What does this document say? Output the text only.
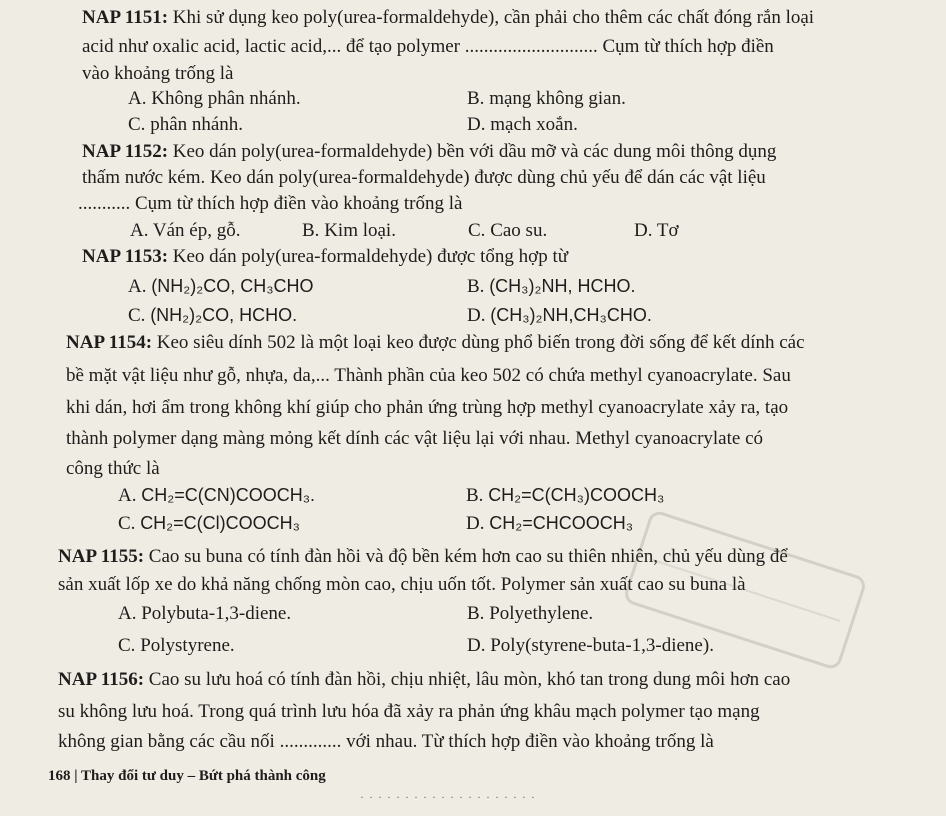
NAP 1151: Khi sử dụng keo poly(urea-formaldehyde), cần phải cho thêm các chất đóng rắn loại
acid như oxalic acid, lactic acid,... để tạo polymer ............................ Cụm từ thích hợp điền
vào khoảng trống là
A. Không phân nhánh.	B. mạng không gian.
C. phân nhánh.	D. mạch xoắn.
NAP 1152: Keo dán poly(urea-formaldehyde) bền với dầu mỡ và các dung môi thông dụng
thấm nước kém. Keo dán poly(urea-formaldehyde) được dùng chủ yếu để dán các vật liệu
........... Cụm từ thích hợp điền vào khoảng trống là
A. Ván ép, gỗ.	B. Kim loại.	C. Cao su.	D. Tơ
NAP 1153: Keo dán poly(urea-formaldehyde) được tổng hợp từ
A. (NH₂)₂CO, CH₃CHO	B. (CH₃)₂NH, HCHO.
C. (NH₂)₂CO, HCHO.	D. (CH₃)₂NH,CH₃CHO.
NAP 1154: Keo siêu dính 502 là một loại keo được dùng phổ biến trong đời sống để kết dính các
bề mặt vật liệu như gỗ, nhựa, da,... Thành phần của keo 502 có chứa methyl cyanoacrylate. Sau
khi dán, hơi ẩm trong không khí giúp cho phản ứng trùng hợp methyl cyanoacrylate xảy ra, tạo
thành polymer dạng màng mỏng kết dính các vật liệu lại với nhau. Methyl cyanoacrylate có
công thức là
A. CH₂=C(CN)COOCH₃.	B. CH₂=C(CH₃)COOCH₃
C. CH₂=C(Cl)COOCH₃	D. CH₂=CHCOOCH₃
NAP 1155: Cao su buna có tính đàn hồi và độ bền kém hơn cao su thiên nhiên, chủ yếu dùng để
sản xuất lốp xe do khả năng chống mòn cao, chịu uốn tốt. Polymer sản xuất cao su buna là
A. Polybuta-1,3-diene.	B. Polyethylene.
C. Polystyrene.	D. Poly(styrene-buta-1,3-diene).
NAP 1156: Cao su lưu hoá có tính đàn hồi, chịu nhiệt, lâu mòn, khó tan trong dung môi hơn cao
su không lưu hoá. Trong quá trình lưu hóa đã xảy ra phản ứng khâu mạch polymer tạo mạng
không gian bằng các cầu nối ............. với nhau. Từ thích hợp điền vào khoảng trống là
168 | Thay đổi tư duy – Bứt phá thành công
· · · · · · · · · · · · · · · · · · · ·
